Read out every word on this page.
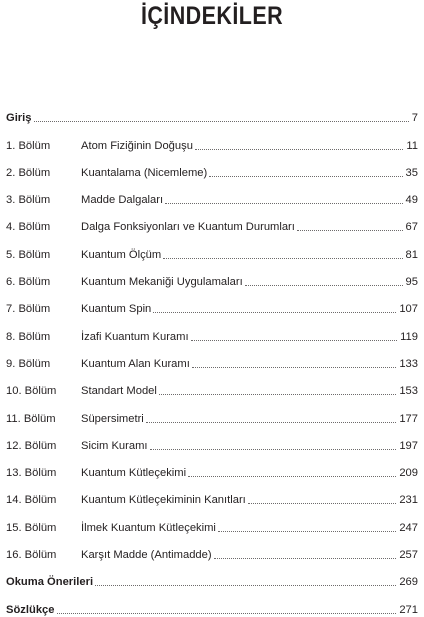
İÇİNDEKİLER
Giriş	7
1. Bölüm	Atom Fiziğinin Doğuşu	11
2. Bölüm	Kuantalama (Nicemleme)	35
3. Bölüm	Madde Dalgaları	49
4. Bölüm	Dalga Fonksiyonları ve Kuantum Durumları	67
5. Bölüm	Kuantum Ölçüm	81
6. Bölüm	Kuantum Mekaniği Uygulamaları	95
7. Bölüm	Kuantum Spin	107
8. Bölüm	İzafi Kuantum Kuramı	119
9. Bölüm	Kuantum Alan Kuramı	133
10. Bölüm	Standart Model	153
11. Bölüm	Süpersimetri	177
12. Bölüm	Sicim Kuramı	197
13. Bölüm	Kuantum Kütleçekimi	209
14. Bölüm	Kuantum Kütleçekiminin Kanıtları	231
15. Bölüm	İlmek Kuantum Kütleçekimi	247
16. Bölüm	Karşıt Madde (Antimadde)	257
Okuma Önerileri	269
Sözlükçe	271
